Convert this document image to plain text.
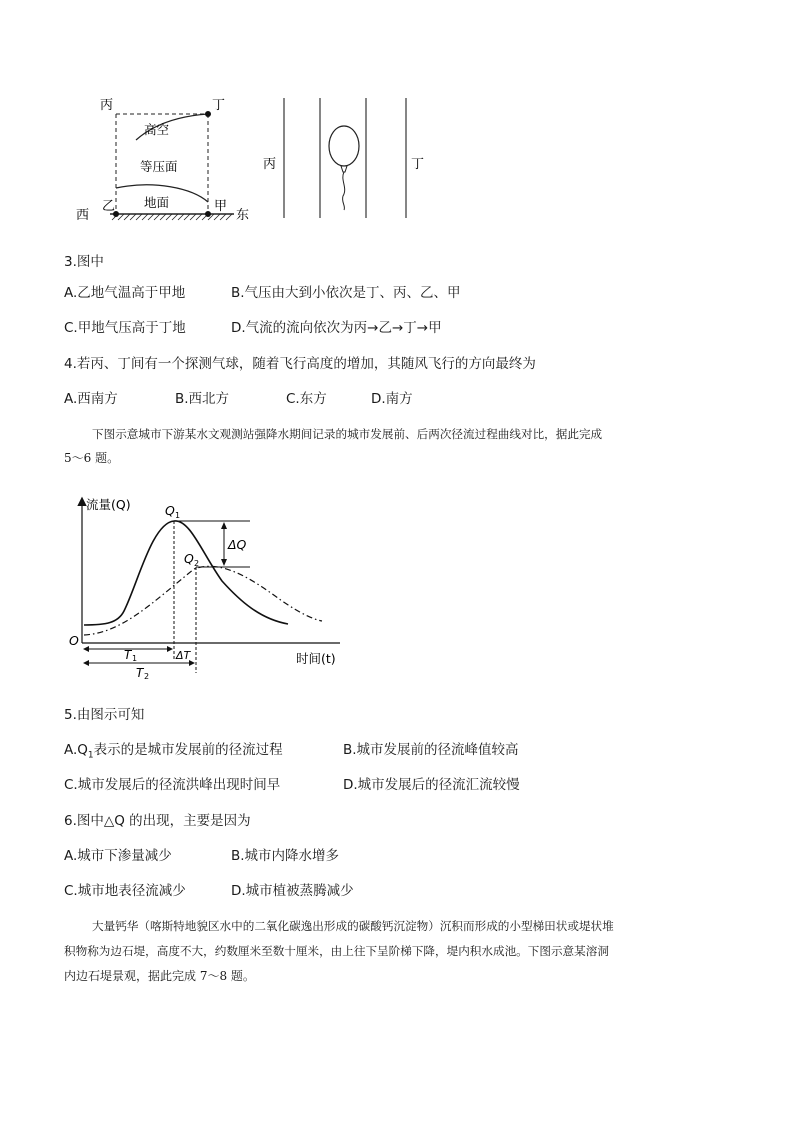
丙	丁
高空
等压面
地面
乙	甲
西	东
丙	丁
3.图中
A.乙地气温高于甲地	B.气压由大到小依次是丁、丙、乙、甲
C.甲地气压高于丁地	D.气流的流向依次为丙→乙→丁→甲
4.若丙、丁间有一个探测气球，随着飞行高度的增加，其随风飞行的方向最终为
A.西南方	B.西北方	C.东方	D.南方
下图示意城市下游某水文观测站强降水期间记录的城市发展前、后两次径流过程曲线对比，据此完成
5～6 题。
流量(Q)
时间(t)
O
Q 1
Q 2
ΔQ
ΔT
T 1
T 2
5.由图示可知
$A.Q_1$表示的是城市发展前的径流过程	B.城市发展前的径流峰值较高
C.城市发展后的径流洪峰出现时间早	D.城市发展后的径流汇流较慢
6.图中△Q 的出现，主要是因为
A.城市下渗量减少	B.城市内降水增多
C.城市地表径流减少	D.城市植被蒸腾减少
大量钙华（喀斯特地貌区水中的二氧化碳逸出形成的碳酸钙沉淀物）沉积而形成的小型梯田状或堤状堆
积物称为边石堤，高度不大，约数厘米至数十厘米，由上往下呈阶梯下降，堤内积水成池。下图示意某溶洞
内边石堤景观，据此完成 7～8 题。
